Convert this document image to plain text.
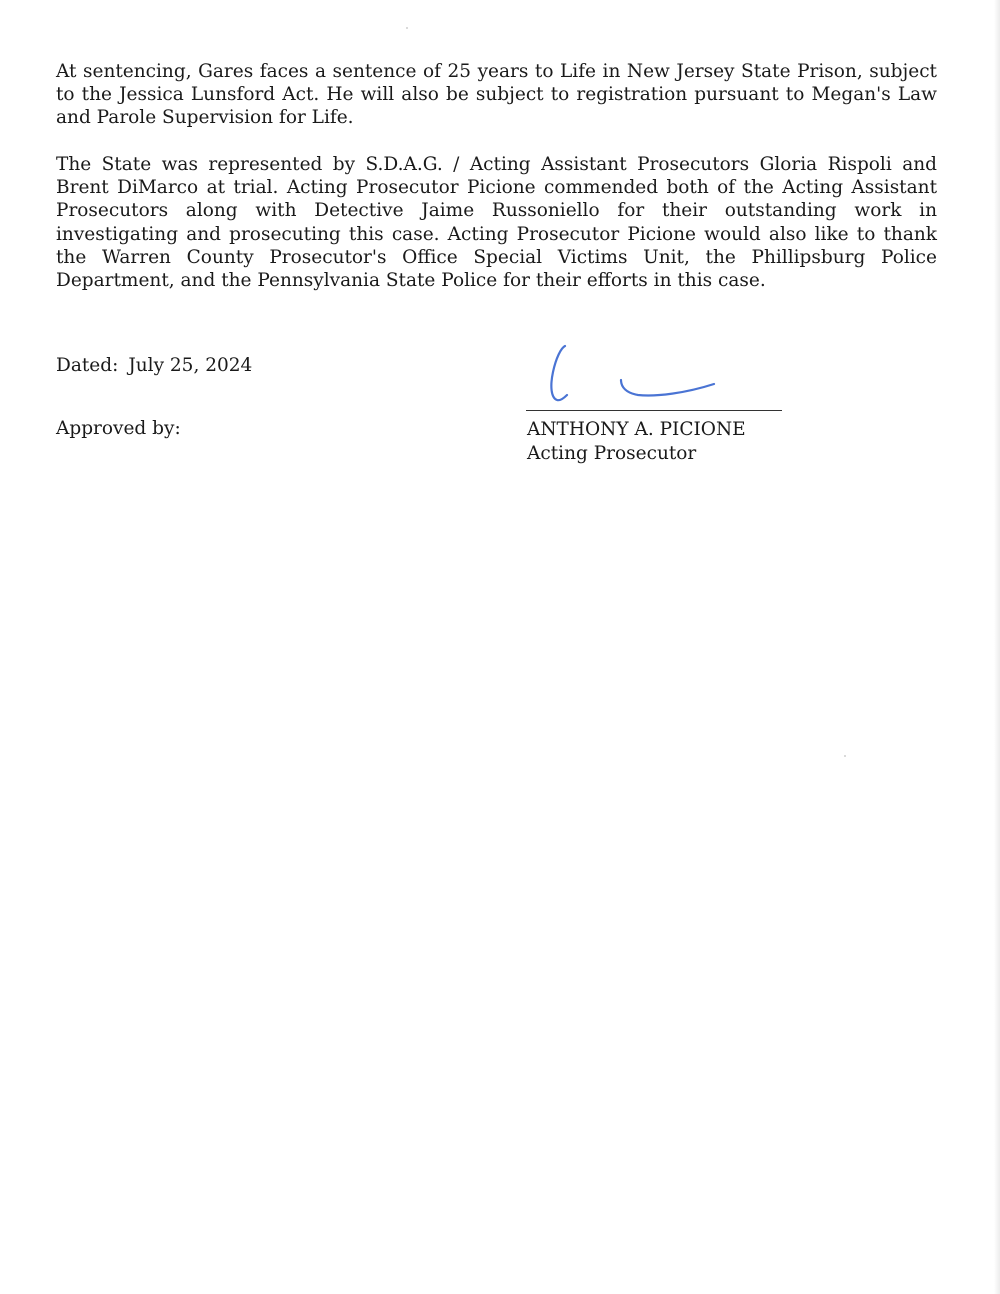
At sentencing, Gares faces a sentence of 25 years to Life in New Jersey State Prison, subject to the Jessica Lunsford Act. He will also be subject to registration pursuant to Megan's Law and Parole Supervision for Life.

The State was represented by S.D.A.G. / Acting Assistant Prosecutors Gloria Rispoli and Brent DiMarco at trial. Acting Prosecutor Picione commended both of the Acting Assistant Prosecutors along with Detective Jaime Russoniello for their outstanding work in investigating and prosecuting this case. Acting Prosecutor Picione would also like to thank the Warren County Prosecutor's Office Special Victims Unit, the Phillipsburg Police Department, and the Pennsylvania State Police for their efforts in this case.

Dated: July 25, 2024

Approved by:	ANTHONY A. PICIONE

Acting Prosecutor
